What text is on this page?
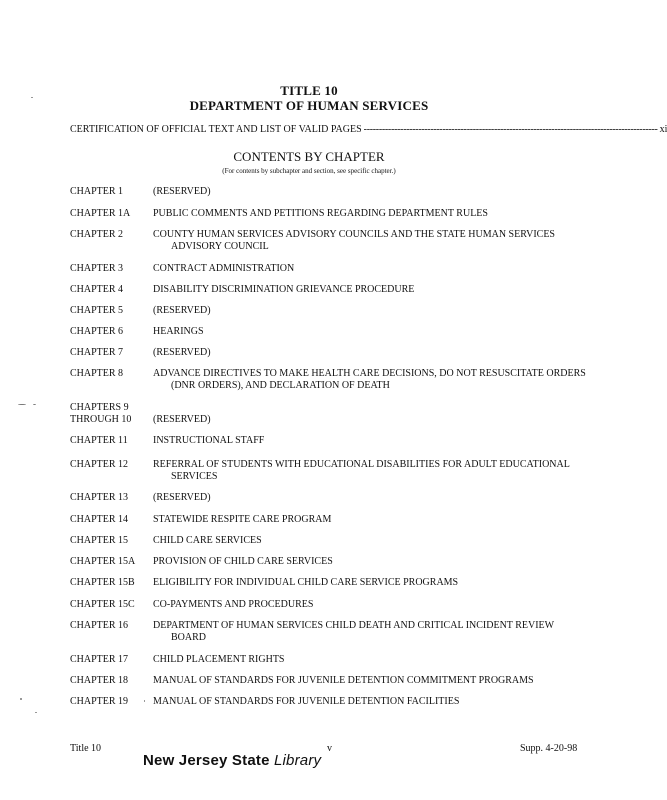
TITLE 10
DEPARTMENT OF HUMAN SERVICES
CERTIFICATION OF OFFICIAL TEXT AND LIST OF VALID PAGES ------------------------------------------------------------------------------------------------- xi
CONTENTS BY CHAPTER
(For contents by subchapter and section, see specific chapter.)
CHAPTER 1	(RESERVED)
CHAPTER 1A PUBLIC COMMENTS AND PETITIONS REGARDING DEPARTMENT RULES
CHAPTER 2	COUNTY HUMAN SERVICES ADVISORY COUNCILS AND THE STATE HUMAN SERVICES ADVISORY COUNCIL
CHAPTER 3	CONTRACT ADMINISTRATION
CHAPTER 4	DISABILITY DISCRIMINATION GRIEVANCE PROCEDURE
CHAPTER 5	(RESERVED)
CHAPTER 6	HEARINGS
CHAPTER 7	(RESERVED)
CHAPTER 8	ADVANCE DIRECTIVES TO MAKE HEALTH CARE DECISIONS, DO NOT RESUSCITATE ORDERS (DNR ORDERS), AND DECLARATION OF DEATH
CHAPTERS 9
THROUGH 10 (RESERVED)
CHAPTER 11	INSTRUCTIONAL STAFF
CHAPTER 12 REFERRAL OF STUDENTS WITH EDUCATIONAL DISABILITIES FOR ADULT EDUCATIONAL SERVICES
CHAPTER 13 (RESERVED)
CHAPTER 14 STATEWIDE RESPITE CARE PROGRAM
CHAPTER 15 CHILD CARE SERVICES
CHAPTER 15A PROVISION OF CHILD CARE SERVICES
CHAPTER 15B ELIGIBILITY FOR INDIVIDUAL CHILD CARE SERVICE PROGRAMS
CHAPTER 15C CO-PAYMENTS AND PROCEDURES
CHAPTER 16 DEPARTMENT OF HUMAN SERVICES CHILD DEATH AND CRITICAL INCIDENT REVIEW BOARD
CHAPTER 17 CHILD PLACEMENT RIGHTS
CHAPTER 18 MANUAL OF STANDARDS FOR JUVENILE DETENTION COMMITMENT PROGRAMS
CHAPTER 19 MANUAL OF STANDARDS FOR JUVENILE DETENTION FACILITIES
Title 10	v	Supp. 4-20-98
New Jersey State Library
